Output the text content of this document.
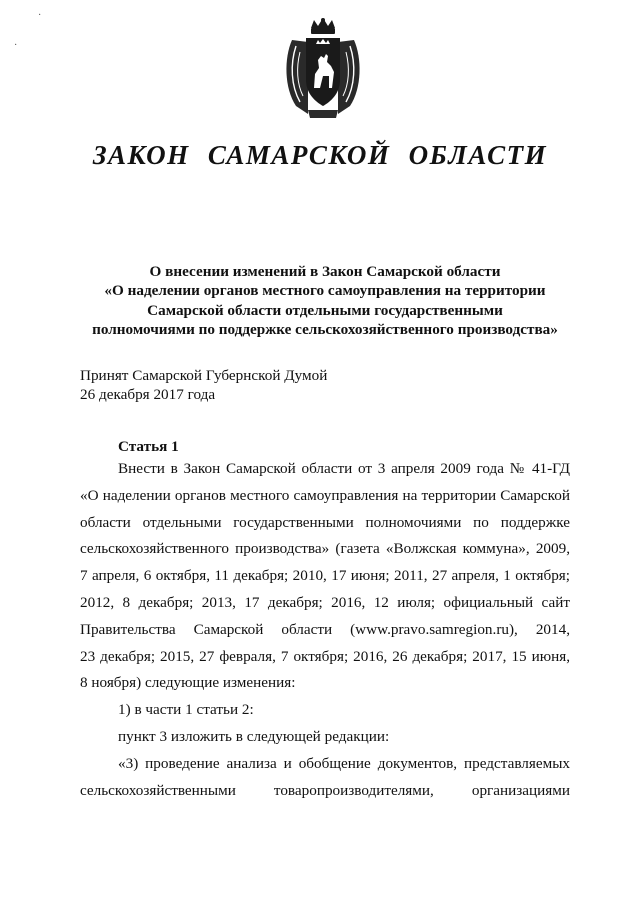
·
·
ЗАКОН САМАРСКОЙ ОБЛАСТИ
О внесении изменений в Закон Самарской области
«О наделении органов местного самоуправления на территории
Самарской области отдельными государственными
полномочиями по поддержке сельскохозяйственного производства»
Принят Самарской Губернской Думой
26 декабря 2017 года
Статья 1
Внести в Закон Самарской области от 3 апреля 2009 года № 41-ГД
«О наделении органов местного самоуправления на территории Самарской
области отдельными государственными полномочиями по поддержке
сельскохозяйственного производства» (газета «Волжская коммуна», 2009,
7 апреля, 6 октября, 11 декабря; 2010, 17 июня; 2011, 27 апреля, 1 октября;
2012, 8 декабря; 2013, 17 декабря; 2016, 12 июля; официальный сайт
Правительства Самарской области (www.pravo.samregion.ru), 2014,
23 декабря; 2015, 27 февраля, 7 октября; 2016, 26 декабря; 2017, 15 июня,
8 ноября) следующие изменения:
1) в части 1 статьи 2:
пункт 3 изложить в следующей редакции:
«3) проведение анализа и обобщение документов, представляемых
сельскохозяйственными товаропроизводителями, организациями
